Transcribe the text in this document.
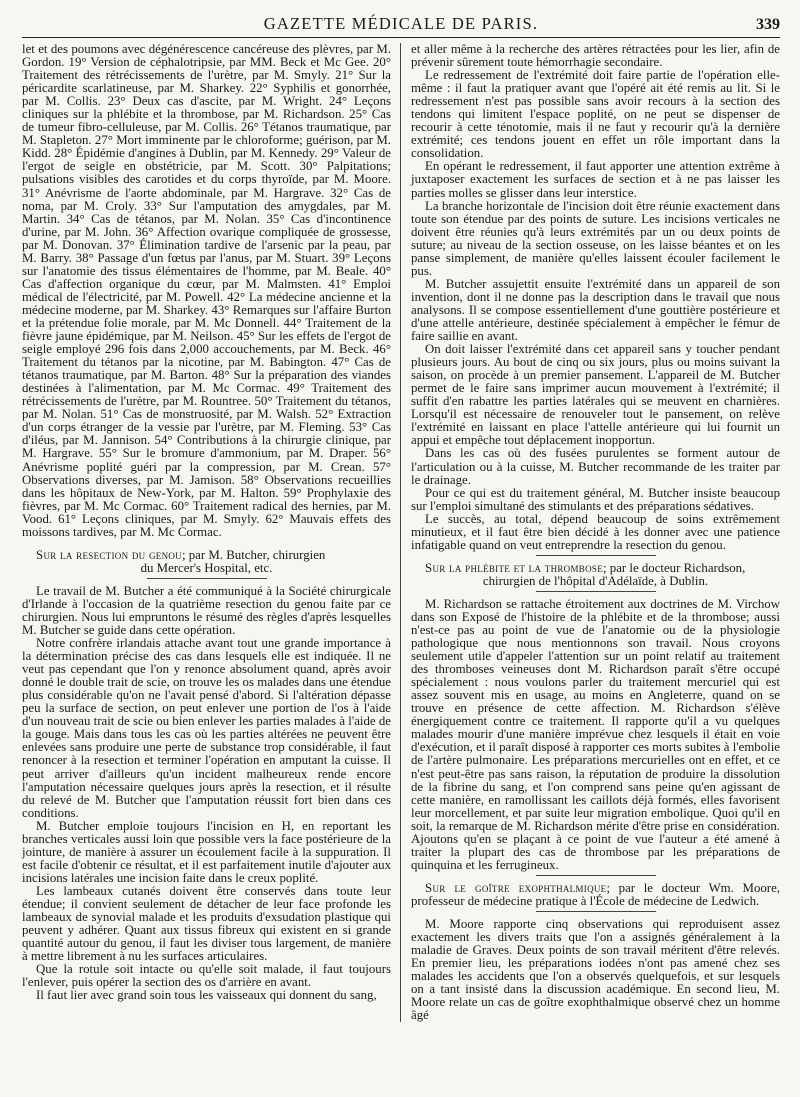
GAZETTE MÉDICALE DE PARIS.	339

let et des poumons avec dégénérescence cancéreuse des plèvres, par M. Gordon. 19° Version de céphalotripsie, par MM. Beck et Mc Gee. 20° Traitement des rétrécissements de l'urètre, par M. Smyly. 21° Sur la péricardite scarlatineuse, par M. Sharkey. 22° Syphilis et gonorrhée, par M. Collis. 23° Deux cas d'ascite, par M. Wright. 24° Leçons cliniques sur la phlébite et la thrombose, par M. Richardson. 25° Cas de tumeur fibro-celluleuse, par M. Collis. 26° Tétanos traumatique, par M. Stapleton. 27° Mort imminente par le chloroforme; guérison, par M. Kidd. 28° Épidémie d'angines à Dublin, par M. Kennedy. 29° Valeur de l'ergot de seigle en obstétricie, par M. Scott. 30° Palpitations; pulsations visibles des carotides et du corps thyroïde, par M. Moore. 31° Anévrisme de l'aorte abdominale, par M. Hargrave. 32° Cas de noma, par M. Croly. 33° Sur l'amputation des amygdales, par M. Martin. 34° Cas de tétanos, par M. Nolan. 35° Cas d'incontinence d'urine, par M. John. 36° Affection ovarique compliquée de grossesse, par M. Donovan. 37° Élimination tardive de l'arsenic par la peau, par M. Barry. 38° Passage d'un fœtus par l'anus, par M. Stuart. 39° Leçons sur l'anatomie des tissus élémentaires de l'homme, par M. Beale. 40° Cas d'affection organique du cœur, par M. Malmsten. 41° Emploi médical de l'électricité, par M. Powell. 42° La médecine ancienne et la médecine moderne, par M. Sharkey. 43° Remarques sur l'affaire Burton et la prétendue folie morale, par M. Mc Donnell. 44° Traitement de la fièvre jaune épidémique, par M. Neilson. 45° Sur les effets de l'ergot de seigle employé 296 fois dans 2,000 accouchements, par M. Beck. 46° Traitement du tétanos par la nicotine, par M. Babington. 47° Cas de tétanos traumatique, par M. Barton. 48° Sur la préparation des viandes destinées à l'alimentation, par M. Mc Cormac. 49° Traitement des rétrécissements de l'urètre, par M. Rountree. 50° Traitement du tétanos, par M. Nolan. 51° Cas de monstruosité, par M. Walsh. 52° Extraction d'un corps étranger de la vessie par l'urètre, par M. Fleming. 53° Cas d'iléus, par M. Jannison. 54° Contributions à la chirurgie clinique, par M. Hargrave. 55° Sur le bromure d'ammonium, par M. Draper. 56° Anévrisme poplité guéri par la compression, par M. Crean. 57° Observations diverses, par M. Jamison. 58° Observations recueillies dans les hôpitaux de New-York, par M. Halton. 59° Prophylaxie des fièvres, par M. Mc Cormac. 60° Traitement radical des hernies, par M. Vood. 61° Leçons cliniques, par M. Smyly. 62° Mauvais effets des moissons tardives, par M. Mc Cormac.

Sur la resection du genou; par M. Butcher, chirurgien
du Mercer's Hospital, etc.

Le travail de M. Butcher a été communiqué à la Société chirurgicale d'Irlande à l'occasion de la quatrième resection du genou faite par ce chirurgien. Nous lui empruntons le résumé des règles d'après lesquelles M. Butcher se guide dans cette opération.

Notre confrère irlandais attache avant tout une grande importance à la détermination précise des cas dans lesquels elle est indiquée. Il ne veut pas cependant que l'on y renonce absolument quand, après avoir donné le double trait de scie, on trouve les os malades dans une étendue plus considérable qu'on ne l'avait pensé d'abord. Si l'altération dépasse peu la surface de section, on peut enlever une portion de l'os à l'aide d'un nouveau trait de scie ou bien enlever les parties malades à l'aide de la gouge. Mais dans tous les cas où les parties altérées ne peuvent être enlevées sans produire une perte de substance trop considérable, il faut renoncer à la resection et terminer l'opération en amputant la cuisse. Il peut arriver d'ailleurs qu'un incident malheureux rende encore l'amputation nécessaire quelques jours après la resection, et il résulte du relevé de M. Butcher que l'amputation réussit fort bien dans ces conditions.

M. Butcher emploie toujours l'incision en H, en reportant les branches verticales aussi loin que possible vers la face postérieure de la jointure, de manière à assurer un écoulement facile à la suppuration. Il est facile d'obtenir ce résultat, et il est parfaitement inutile d'ajouter aux incisions latérales une incision faite dans le creux poplité.

Les lambeaux cutanés doivent être conservés dans toute leur étendue; il convient seulement de détacher de leur face profonde les lambeaux de synovial malade et les produits d'exsudation plastique qui peuvent y adhérer. Quant aux tissus fibreux qui existent en si grande quantité autour du genou, il faut les diviser tous largement, de manière à mettre librement à nu les surfaces articulaires.

Que la rotule soit intacte ou qu'elle soit malade, il faut toujours l'enlever, puis opérer la section des os d'arrière en avant.

Il faut lier avec grand soin tous les vaisseaux qui donnent du sang,

et aller même à la recherche des artères rétractées pour les lier, afin de prévenir sûrement toute hémorrhagie secondaire.

Le redressement de l'extrémité doit faire partie de l'opération elle-même : il faut la pratiquer avant que l'opéré ait été remis au lit. Si le redressement n'est pas possible sans avoir recours à la section des tendons qui limitent l'espace poplité, on ne peut se dispenser de recourir à cette ténotomie, mais il ne faut y recourir qu'à la dernière extrémité; ces tendons jouent en effet un rôle important dans la consolidation.

En opérant le redressement, il faut apporter une attention extrême à juxtaposer exactement les surfaces de section et à ne pas laisser les parties molles se glisser dans leur interstice.

La branche horizontale de l'incision doit être réunie exactement dans toute son étendue par des points de suture. Les incisions verticales ne doivent être réunies qu'à leurs extrémités par un ou deux points de suture; au niveau de la section osseuse, on les laisse béantes et on les panse simplement, de manière qu'elles laissent écouler facilement le pus.

M. Butcher assujettit ensuite l'extrémité dans un appareil de son invention, dont il ne donne pas la description dans le travail que nous analysons. Il se compose essentiellement d'une gouttière postérieure et d'une attelle antérieure, destinée spécialement à empêcher le fémur de faire saillie en avant.

On doit laisser l'extrémité dans cet appareil sans y toucher pendant plusieurs jours. Au bout de cinq ou six jours, plus ou moins suivant la saison, on procède à un premier pansement. L'appareil de M. Butcher permet de le faire sans imprimer aucun mouvement à l'extrémité; il suffit d'en rabattre les parties latérales qui se meuvent en charnières. Lorsqu'il est nécessaire de renouveler tout le pansement, on relève l'extrémité en laissant en place l'attelle antérieure qui lui fournit un appui et empêche tout déplacement inopportun.

Dans les cas où des fusées purulentes se forment autour de l'articulation ou à la cuisse, M. Butcher recommande de les traiter par le drainage.

Pour ce qui est du traitement général, M. Butcher insiste beaucoup sur l'emploi simultané des stimulants et des préparations sédatives.

Le succès, au total, dépend beaucoup de soins extrêmement minutieux, et il faut être bien décidé à les donner avec une patience infatigable quand on veut entreprendre la resection du genou.

Sur la phlébite et la thrombose; par le docteur Richardson,
chirurgien de l'hôpital d'Adélaïde, à Dublin.

M. Richardson se rattache étroitement aux doctrines de M. Virchow dans son Exposé de l'histoire de la phlébite et de la thrombose; aussi n'est-ce pas au point de vue de l'anatomie ou de la physiologie pathologique que nous mentionnons son travail. Nous croyons seulement utile d'appeler l'attention sur un point relatif au traitement des thromboses veineuses dont M. Richardson paraît s'être occupé spécialement : nous voulons parler du traitement mercuriel qui est assez souvent mis en usage, au moins en Angleterre, quand on se trouve en présence de cette affection. M. Richardson s'élève énergiquement contre ce traitement. Il rapporte qu'il a vu quelques malades mourir d'une manière imprévue chez lesquels il était en voie d'exécution, et il paraît disposé à rapporter ces morts subites à l'embolie de l'artère pulmonaire. Les préparations mercurielles ont en effet, et ce n'est peut-être pas sans raison, la réputation de produire la dissolution de la fibrine du sang, et l'on comprend sans peine qu'en agissant de cette manière, en ramollissant les caillots déjà formés, elles favorisent leur morcellement, et par suite leur migration embolique. Quoi qu'il en soit, la remarque de M. Richardson mérite d'être prise en considération. Ajoutons qu'en se plaçant à ce point de vue l'auteur a été amené à traiter la plupart des cas de thrombose par les préparations de quinquina et les ferrugineux.

Sur le goître exophthalmique; par le docteur Wm. Moore, professeur de médecine pratique à l'École de médecine de Ledwich.

M. Moore rapporte cinq observations qui reproduisent assez exactement les divers traits que l'on a assignés généralement à la maladie de Graves. Deux points de son travail méritent d'être relevés. En premier lieu, les préparations iodées n'ont pas amené chez ses malades les accidents que l'on a observés quelquefois, et sur lesquels on a tant insisté dans la discussion académique. En second lieu, M. Moore relate un cas de goître exophthalmique observé chez un homme âgé
